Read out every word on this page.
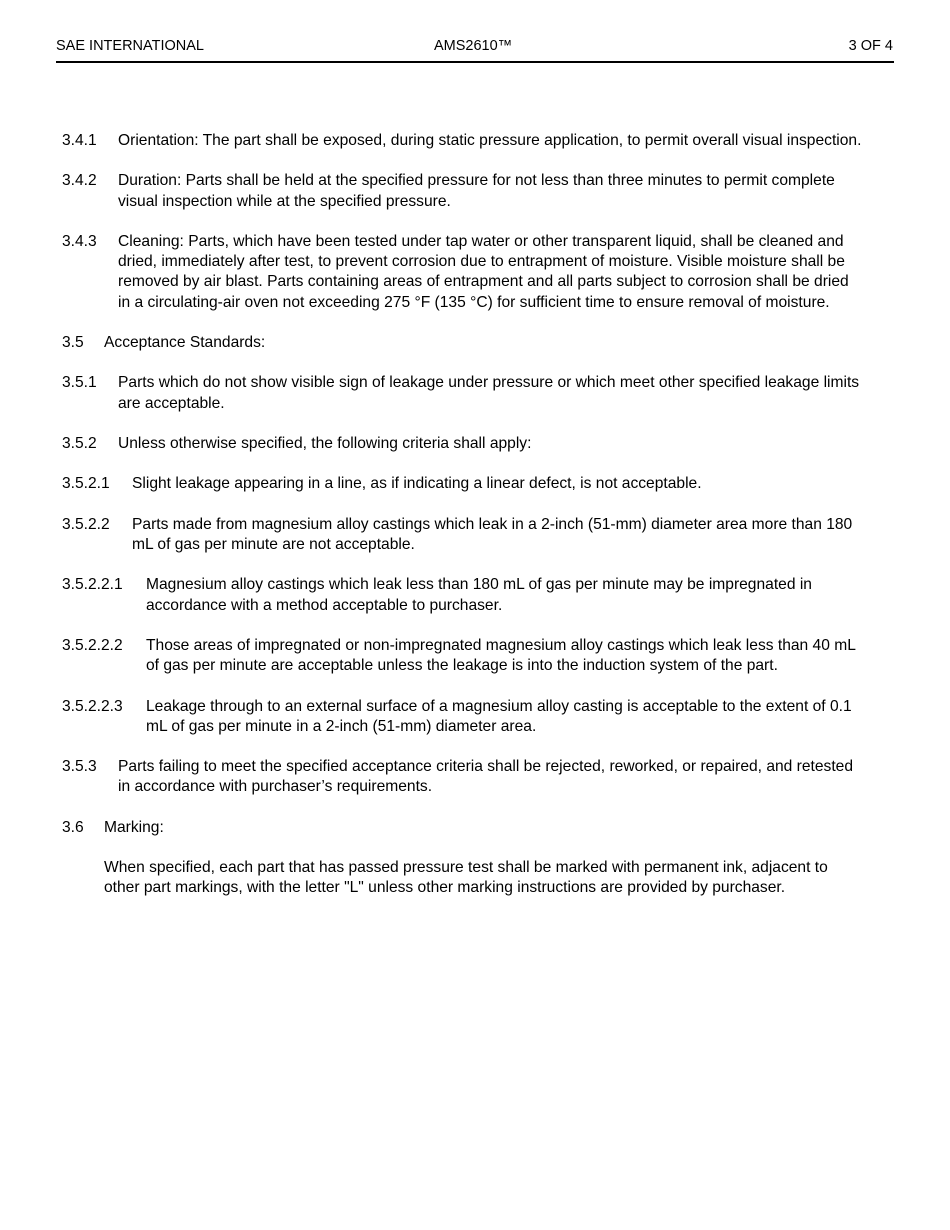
SAE INTERNATIONAL	AMS2610™	3 OF 4
3.4.1	Orientation: The part shall be exposed, during static pressure application, to permit overall visual inspection.
3.4.2	Duration: Parts shall be held at the specified pressure for not less than three minutes to permit complete visual inspection while at the specified pressure.
3.4.3	Cleaning: Parts, which have been tested under tap water or other transparent liquid, shall be cleaned and dried, immediately after test, to prevent corrosion due to entrapment of moisture. Visible moisture shall be removed by air blast. Parts containing areas of entrapment and all parts subject to corrosion shall be dried in a circulating-air oven not exceeding 275 °F (135 °C) for sufficient time to ensure removal of moisture.
3.5	Acceptance Standards:
3.5.1	Parts which do not show visible sign of leakage under pressure or which meet other specified leakage limits are acceptable.
3.5.2	Unless otherwise specified, the following criteria shall apply:
3.5.2.1	Slight leakage appearing in a line, as if indicating a linear defect, is not acceptable.
3.5.2.2	Parts made from magnesium alloy castings which leak in a 2-inch (51-mm) diameter area more than 180 mL of gas per minute are not acceptable.
3.5.2.2.1	Magnesium alloy castings which leak less than 180 mL of gas per minute may be impregnated in accordance with a method acceptable to purchaser.
3.5.2.2.2	Those areas of impregnated or non-impregnated magnesium alloy castings which leak less than 40 mL of gas per minute are acceptable unless the leakage is into the induction system of the part.
3.5.2.2.3	Leakage through to an external surface of a magnesium alloy casting is acceptable to the extent of 0.1 mL of gas per minute in a 2-inch (51-mm) diameter area.
3.5.3	Parts failing to meet the specified acceptance criteria shall be rejected, reworked, or repaired, and retested in accordance with purchaser’s requirements.
3.6	Marking:
When specified, each part that has passed pressure test shall be marked with permanent ink, adjacent to other part markings, with the letter "L" unless other marking instructions are provided by purchaser.
